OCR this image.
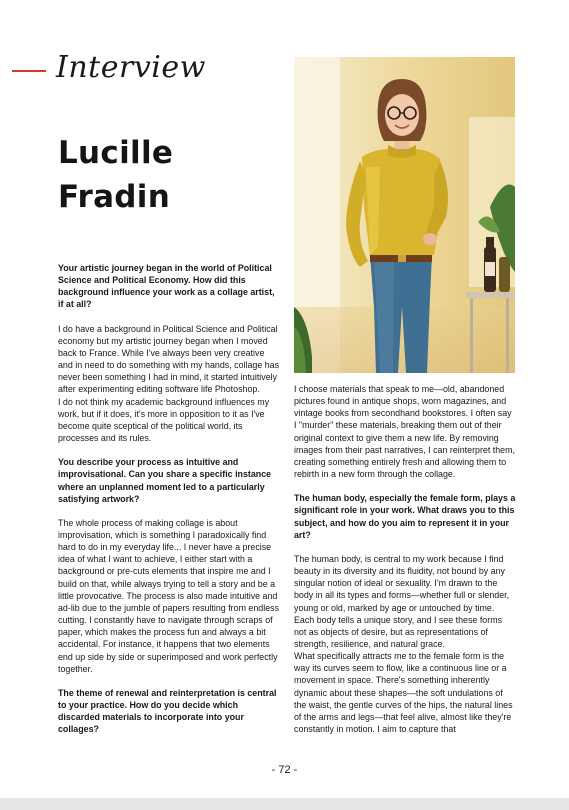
Interview
Lucille
Fradin

Your artistic journey began in the world of Political Science and Political Economy. How did this background influence your work as a collage artist, if at all?

I do have a background in Political Science and Political economy but my artistic journey began when I moved back to France. While I've always been very creative and in need to do something with my hands, collage has never been something I had in mind, it started intuitively after experimenting editing software life Photoshop.

I do not think my academic background influences my work, but if it does, it's more in opposition to it as I've become quite sceptical of the political world, its processes and its rules.

You describe your process as intuitive and improvisational. Can you share a specific instance where an unplanned moment led to a particularly satisfying artwork?

The whole process of making collage is about improvisation, which is something I paradoxically find hard to do in my everyday life... I never have a precise idea of what I want to achieve, I either start with a background or pre-cuts elements that inspire me and I build on that, while always trying to tell a story and be a little provocative. The process is also made intuitive and ad-lib due to the jumble of papers resulting from endless cutting. I constantly have to navigate through scraps of paper, which makes the process fun and always a bit accidental. For instance, it happens that two elements end up side by side or superimposed and work perfectly together.

The theme of renewal and reinterpretation is central to your practice. How do you decide which discarded materials to incorporate into your collages?

I choose materials that speak to me—old, abandoned pictures found in antique shops, worn magazines, and vintage books from secondhand bookstores. I often say I "murder" these materials, breaking them out of their original context to give them a new life. By removing images from their past narratives, I can reinterpret them, creating something entirely fresh and allowing them to rebirth in a new form through the collage.

The human body, especially the female form, plays a significant role in your work. What draws you to this subject, and how do you aim to represent it in your art?

The human body, is central to my work because I find beauty in its diversity and its fluidity, not bound by any singular notion of ideal or sexuality. I'm drawn to the body in all its types and forms—whether full or slender, young or old, marked by age or untouched by time. Each body tells a unique story, and I see these forms not as objects of desire, but as representations of strength, resilience, and natural grace.

What specifically attracts me to the female form is the way its curves seem to flow, like a continuous line or a movement in space. There's something inherently dynamic about these shapes—the soft undulations of the waist, the gentle curves of the hips, the natural lines of the arms and legs—that feel alive, almost like they're constantly in motion. I aim to capture that

- 72 -
